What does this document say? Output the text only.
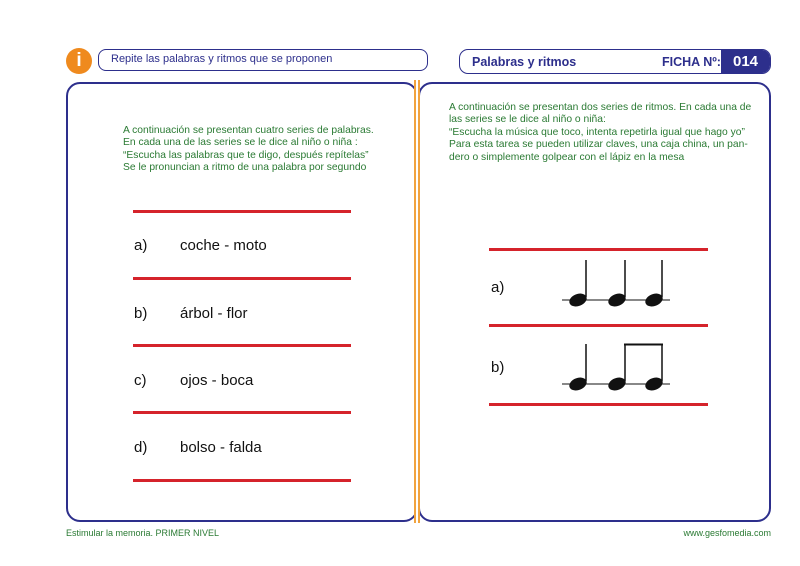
i	Repite las palabras y ritmos que se proponen	Palabras y ritmos	FICHA Nº: 014
A continuación se presentan cuatro series de palabras.
En cada una de las series se le dice al niño o niña :
“Escucha las palabras que te digo, después repítelas”
Se le pronuncian a ritmo de una palabra por segundo
a) coche - moto
b) árbol - flor
c) ojos - boca
d) bolso - falda
A continuación se presentan dos series de ritmos. En cada una de
las series se le dice al niño o niña:
“Escucha la música que toco, intenta repetirla igual que hago yo”
Para esta tarea se pueden utilizar claves, una caja china, un pan-
dero o simplemente golpear con el lápiz en la mesa
a)
b)
Estimular la memoria. PRIMER NIVEL	www.gesfomedia.com
